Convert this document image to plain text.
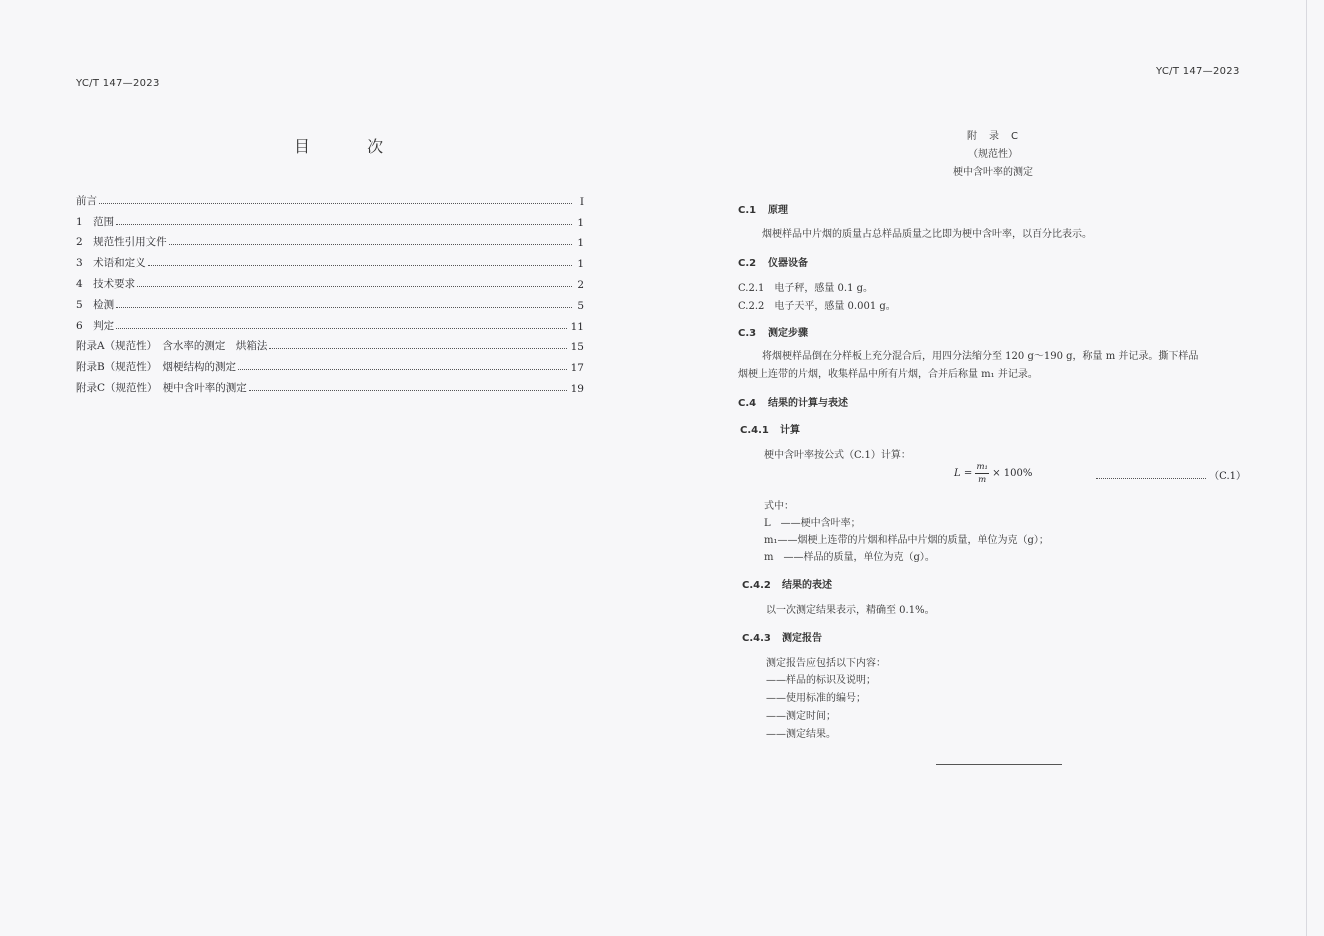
YC/T 147—2023
目 次
前言	Ⅰ
1　范围	1
2　规范性引用文件	1
3　术语和定义	1
4　技术要求	2
5　检测	5
6　判定	11
附录A（规范性）　含水率的测定　烘箱法	15
附录B（规范性）　烟梗结构的测定	17
附录C（规范性）　梗中含叶率的测定	19
YC/T 147—2023
附　录　C
（规范性）
梗中含叶率的测定
C.1 原理
烟梗样品中片烟的质量占总样品质量之比即为梗中含叶率，以百分比表示。
C.2 仪器设备
C.2.1　电子秤，感量 0.1 g。
C.2.2　电子天平，感量 0.001 g。
C.3 测定步骤
将烟梗样品倒在分样板上充分混合后，用四分法缩分至 120 g～190 g，称量 m 并记录。撕下样品
烟梗上连带的片烟，收集样品中所有片烟，合并后称量 m₁ 并记录。
C.4 结果的计算与表述
C.4.1 计算
梗中含叶率按公式（C.1）计算：
$L = \frac{\text{m₁}}{m} \times 100\%$	（C.1）
式中：
L　——梗中含叶率；
m₁——烟梗上连带的片烟和样品中片烟的质量，单位为克（g）；
m　——样品的质量，单位为克（g）。
C.4.2 结果的表述
以一次测定结果表示，精确至 0.1%。
C.4.3 测定报告
测定报告应包括以下内容：
——样品的标识及说明；
——使用标准的编号；
——测定时间；
——测定结果。
